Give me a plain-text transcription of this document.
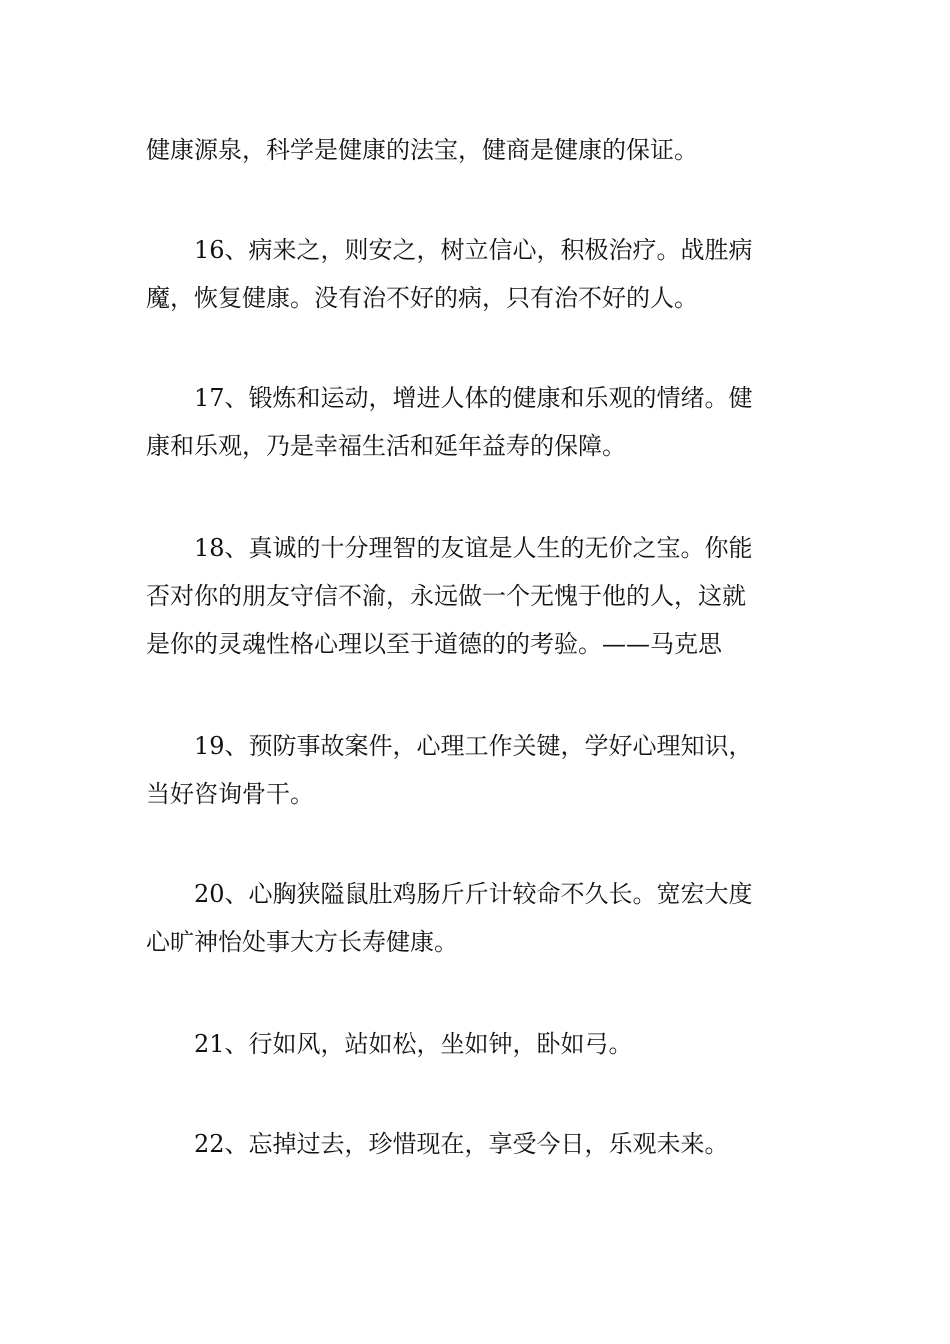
健康源泉，科学是健康的法宝，健商是健康的保证。

16、病来之，则安之，树立信心，积极治疗。战胜病
魔，恢复健康。没有治不好的病，只有治不好的人。

17、锻炼和运动，增进人体的健康和乐观的情绪。健
康和乐观，乃是幸福生活和延年益寿的保障。

18、真诚的十分理智的友谊是人生的无价之宝。你能
否对你的朋友守信不渝，永远做一个无愧于他的人，这就
是你的灵魂性格心理以至于道德的的考验。——马克思

19、预防事故案件，心理工作关键，学好心理知识，
当好咨询骨干。

20、心胸狭隘鼠肚鸡肠斤斤计较命不久长。宽宏大度
心旷神怡处事大方长寿健康。

21、行如风，站如松，坐如钟，卧如弓。

22、忘掉过去，珍惜现在，享受今日，乐观未来。
